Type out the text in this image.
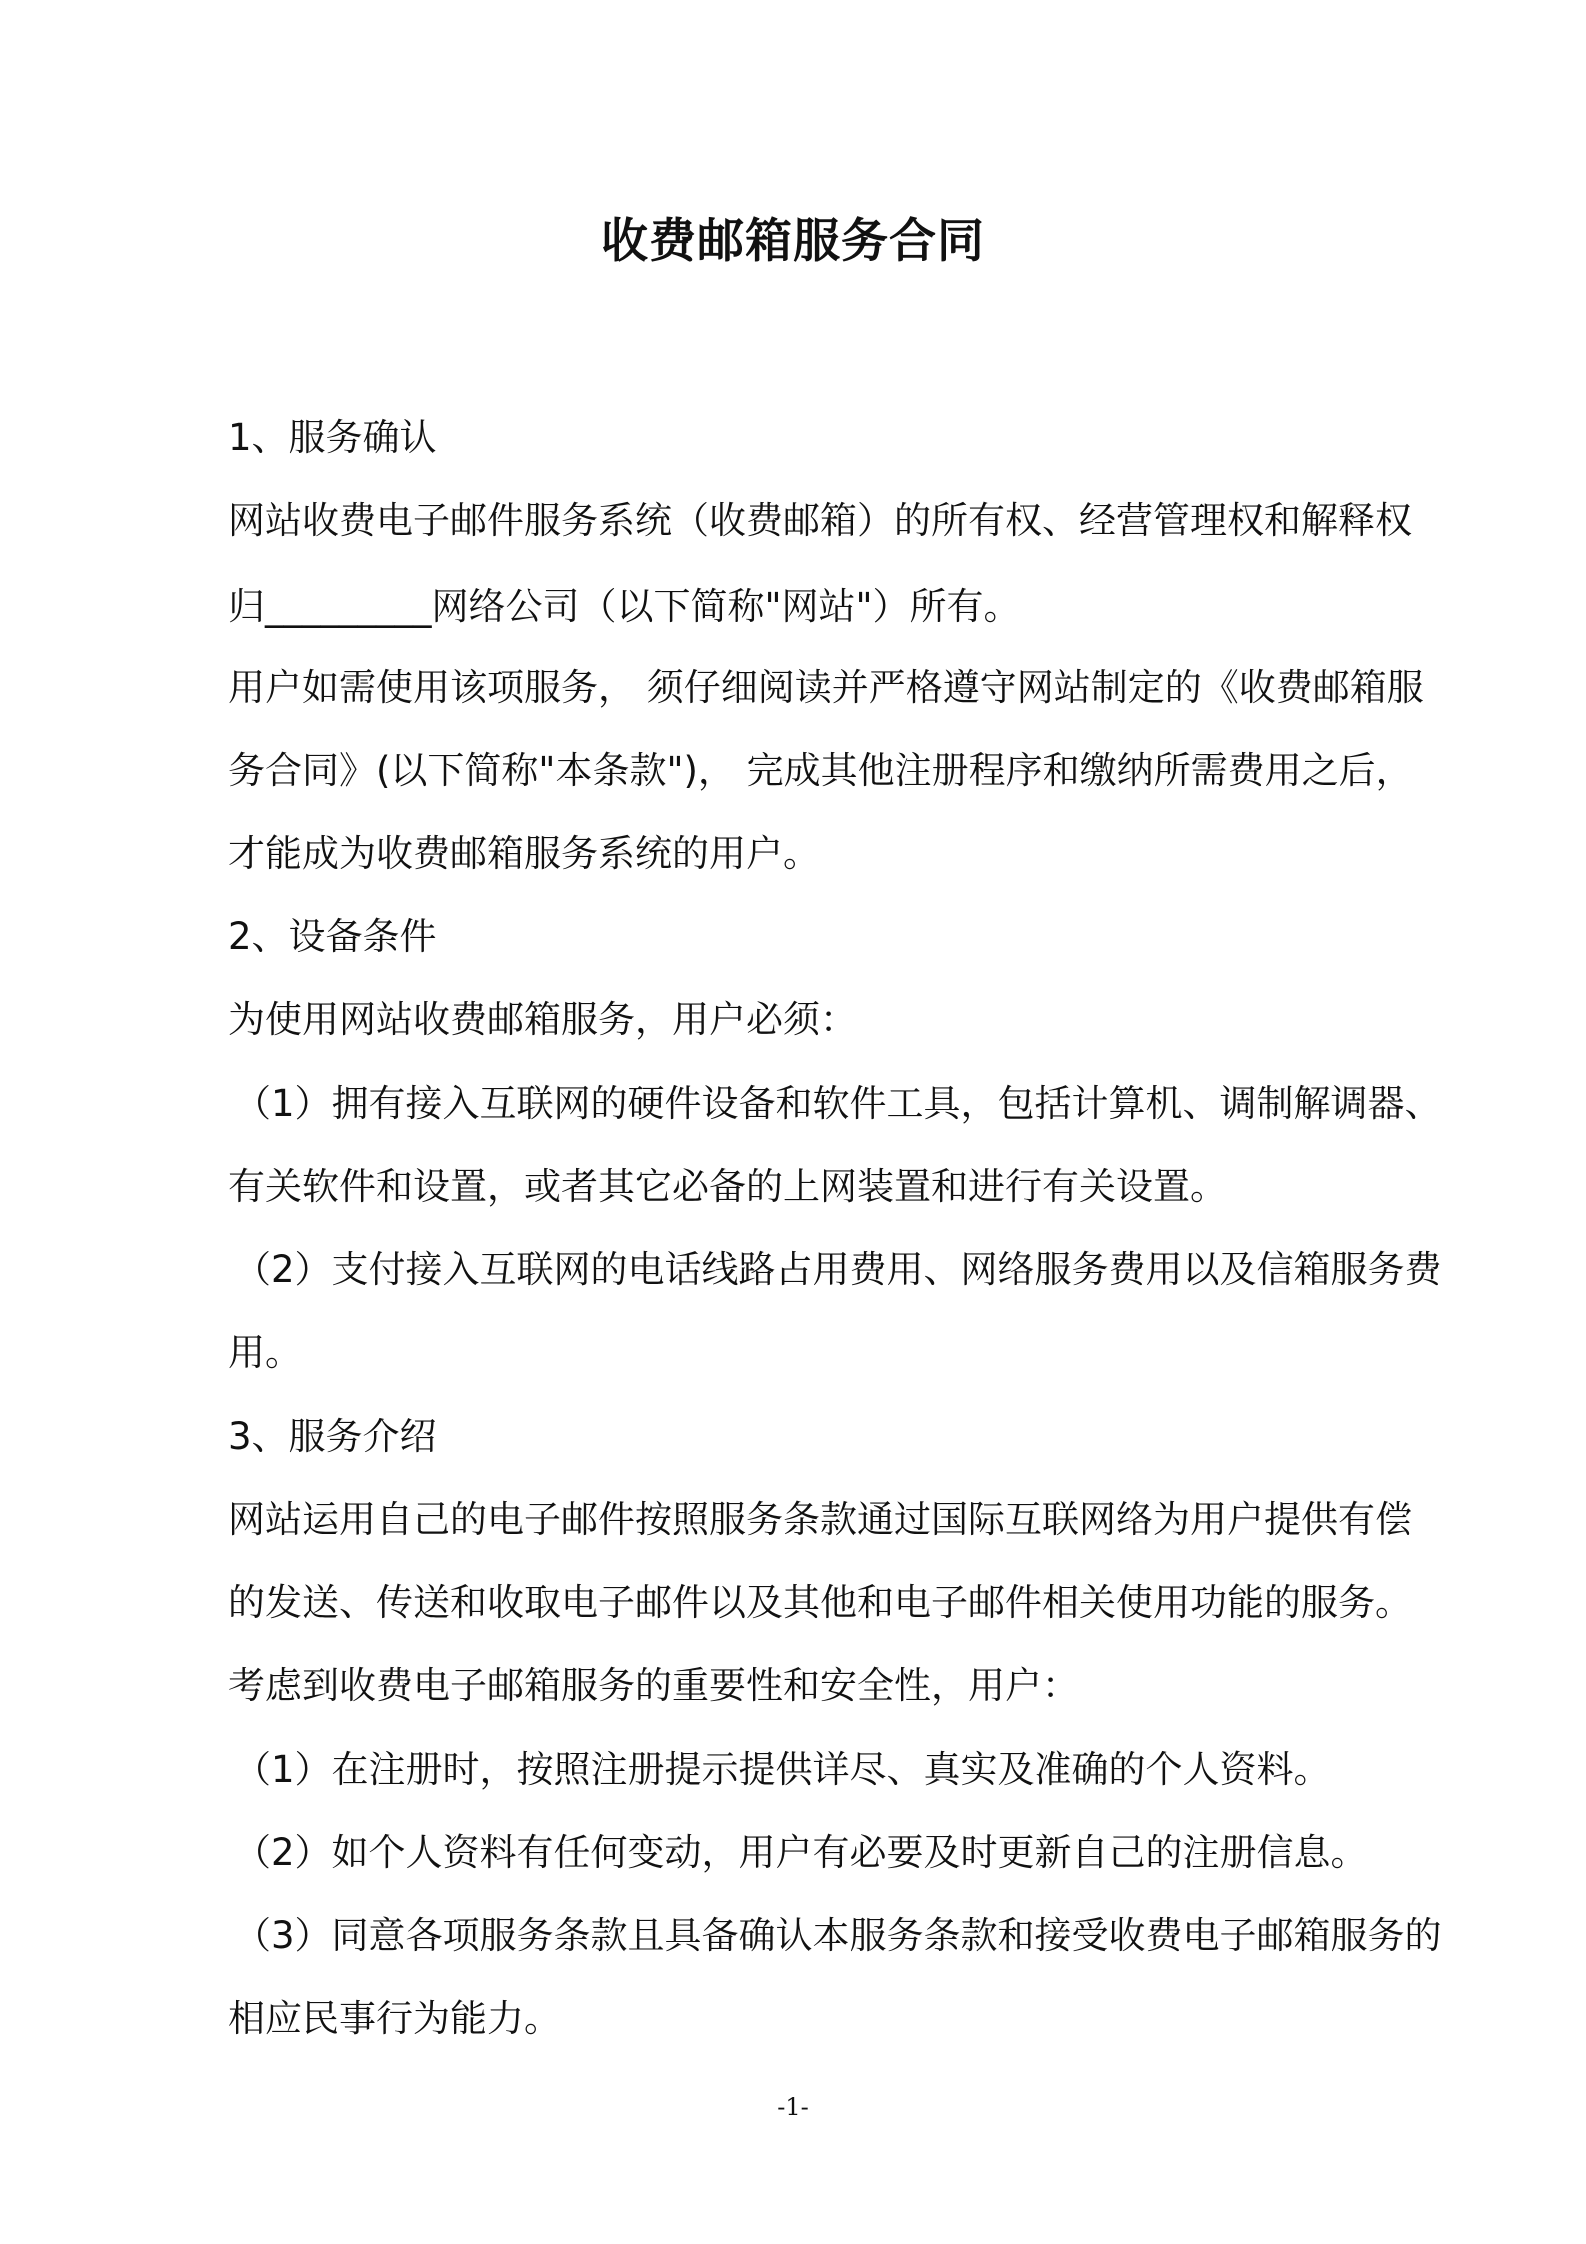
收费邮箱服务合同
1、服务确认
网站收费电子邮件服务系统（收费邮箱）的所有权、经营管理权和解释权
归_________网络公司（以下简称"网站"）所有。
用户如需使用该项服务， 须仔细阅读并严格遵守网站制定的《收费邮箱服
务合同》(以下简称"本条款")， 完成其他注册程序和缴纳所需费用之后，
才能成为收费邮箱服务系统的用户。
2、设备条件
为使用网站收费邮箱服务，用户必须：
（1）拥有接入互联网的硬件设备和软件工具，包括计算机、调制解调器、
有关软件和设置，或者其它必备的上网装置和进行有关设置。
（2）支付接入互联网的电话线路占用费用、网络服务费用以及信箱服务费
用。
3、服务介绍
网站运用自己的电子邮件按照服务条款通过国际互联网络为用户提供有偿
的发送、传送和收取电子邮件以及其他和电子邮件相关使用功能的服务。
考虑到收费电子邮箱服务的重要性和安全性，用户：
（1）在注册时，按照注册提示提供详尽、真实及准确的个人资料。
（2）如个人资料有任何变动，用户有必要及时更新自己的注册信息。
（3）同意各项服务条款且具备确认本服务条款和接受收费电子邮箱服务的
相应民事行为能力。
-1-
